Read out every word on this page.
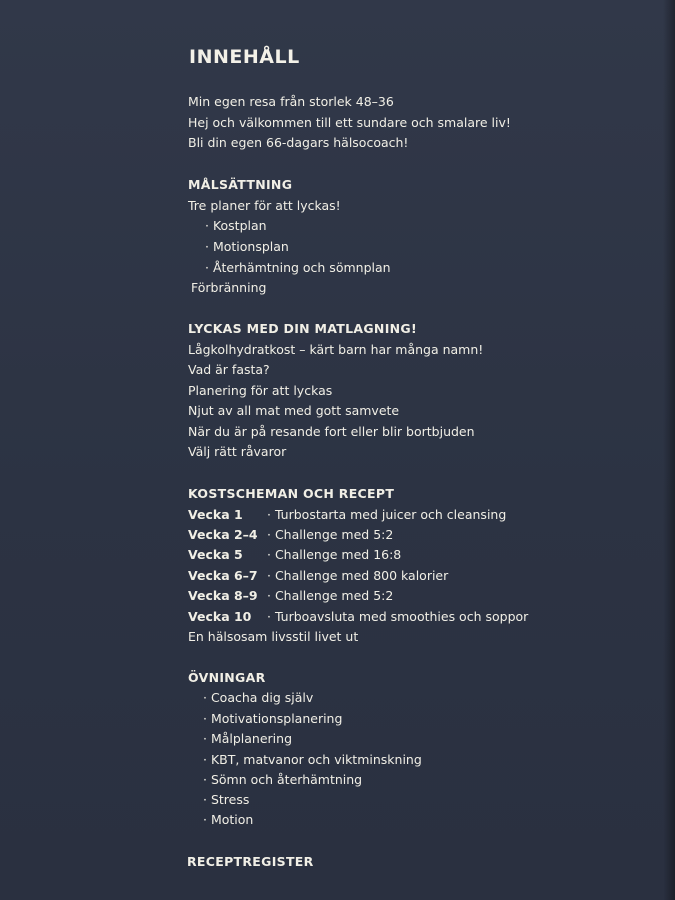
INNEHÅLL
Min egen resa från storlek 48–36
Hej och välkommen till ett sundare och smalare liv!
Bli din egen 66-dagars hälsocoach!
MÅLSÄTTNING
Tre planer för att lyckas!
· Kostplan
· Motionsplan
· Återhämtning och sömnplan
Förbränning
LYCKAS MED DIN MATLAGNING!
Lågkolhydratkost – kärt barn har många namn!
Vad är fasta?
Planering för att lyckas
Njut av all mat med gott samvete
När du är på resande fort eller blir bortbjuden
Välj rätt råvaror
KOSTSCHEMAN OCH RECEPT
Vecka 1 · Turbostarta med juicer och cleansing
Vecka 2–4 · Challenge med 5:2
Vecka 5 · Challenge med 16:8
Vecka 6–7 · Challenge med 800 kalorier
Vecka 8–9 · Challenge med 5:2
Vecka 10 · Turboavsluta med smoothies och soppor
En hälsosam livsstil livet ut
ÖVNINGAR
· Coacha dig själv
· Motivationsplanering
· Målplanering
· KBT, matvanor och viktminskning
· Sömn och återhämtning
· Stress
· Motion
RECEPTREGISTER
